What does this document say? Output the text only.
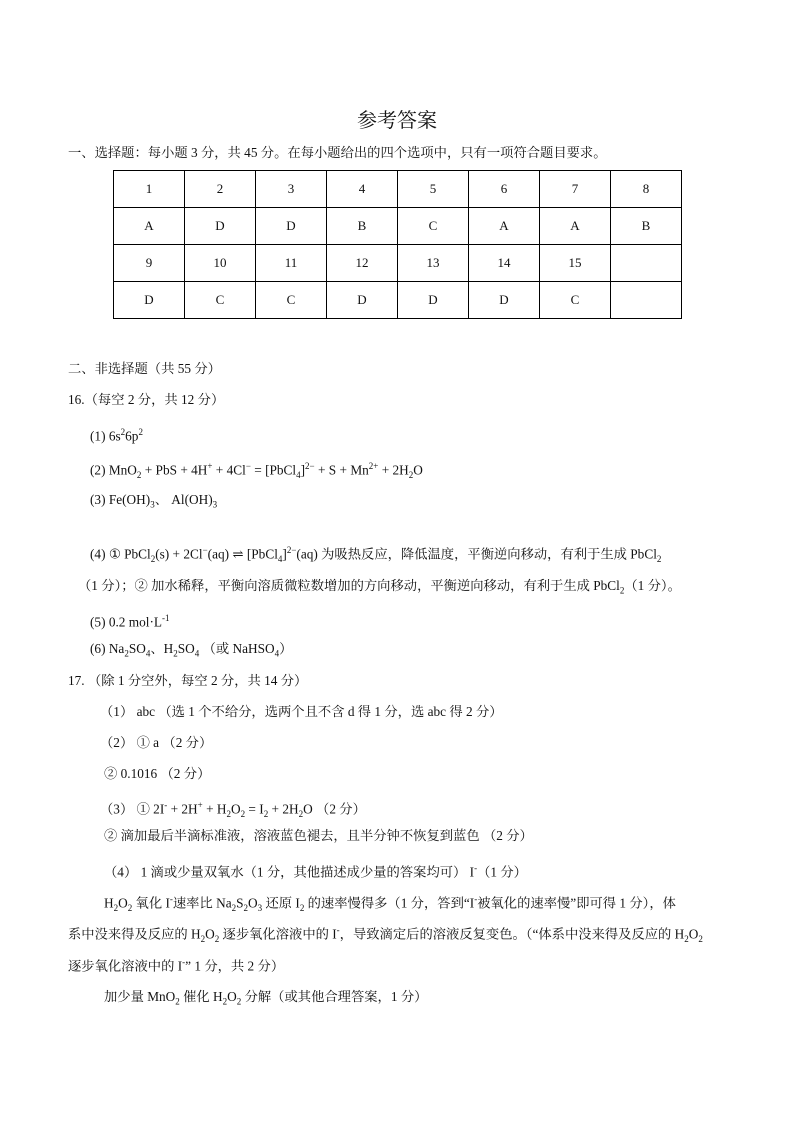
参考答案
一、选择题：每小题 3 分，共 45 分。在每小题给出的四个选项中，只有一项符合题目要求。
1	2	3	4	5	6	7	8
A	D	D	B	C	A	A	B
9	10	11	12	13	14	15	
D	C	C	D	D	D	C	
二、非选择题（共 55 分）
16.（每空 2 分，共 12 分）
(1) $6s^26p^2$
(2) MnO$_2$ + PbS + 4H+ + 4Cl− = [PbCl$_4$]$^{2-}$ + $S + Mn^{2+} + 2H_2O$
(3) $Fe(OH)_3$、 $Al(OH)_3$
(4) ① PbCl$_2$(s) + 2Cl−(aq) ⇌ [PbCl$_4$]$^{2-}$(aq) 为吸热反应，降低温度，平衡逆向移动，有利于生成 PbCl$_2$
（1 分）；② 加水稀释，平衡向溶质微粒数增加的方向移动，平衡逆向移动，有利于生成 PbCl$_2$（1 分）。
(5) 0.2 $mol\cdot L^{-1}$
(6) $Na_2SO_4$、$H_2SO_4$ （或 NaHSO$_4$）
17. （除 1 分空外，每空 2 分，共 14 分）
（1） abc （选 1 个不给分，选两个且不含 d 得 1 分，选 abc 得 2 分）
（2） ① a （2 分）
② 0.1016 （2 分）
（3） ① $2I^- + 2H^+ + H_2O_2 = I_2 + 2H_2O$ （2 分）
② 滴加最后半滴标准液，溶液蓝色褪去，且半分钟不恢复到蓝色 （2 分）
（4） 1 滴或少量双氧水（1 分，其他描述成少量的答案均可） I-（1 分）
$H_2O_2$ 氧化 I-速率比 $Na_2S_2O_3$ 还原 $I_2$ 的速率慢得多（1 分，答到“I-被氧化的速率慢”即可得 1 分），体
系中没来得及反应的 $H_2O_2$ 逐步氧化溶液中的 I-，导致滴定后的溶液反复变色。（“体系中没来得及反应的 $H_2O_2$
逐步氧化溶液中的 I-” 1 分，共 2 分）
加少量 MnO$_2$ 催化 $H_2O_2$ 分解（或其他合理答案，1 分）
